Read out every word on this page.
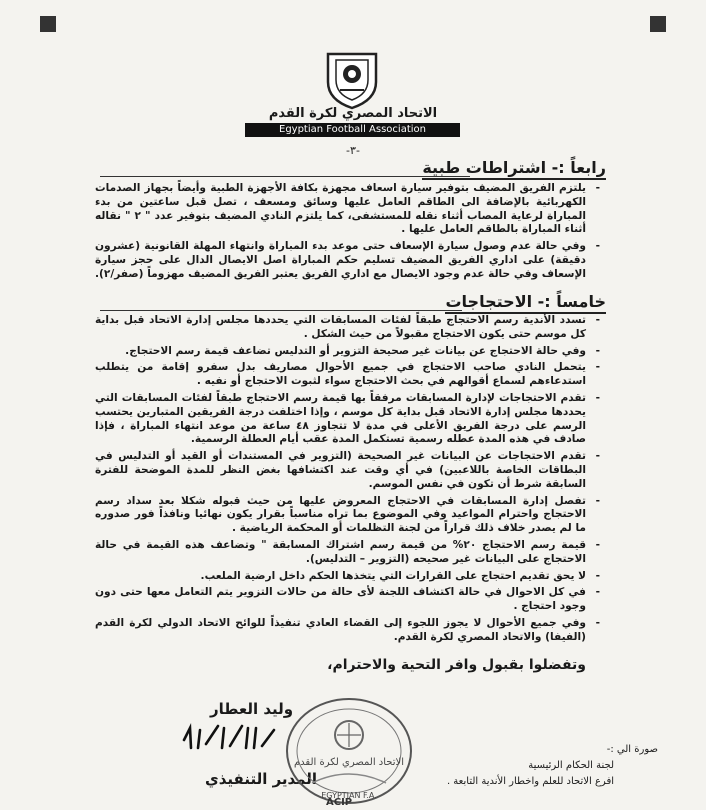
الاتحاد المصري لكرة القدم
Egyptian Football Association
-٣-
رابعاً :- اشتراطات طبية
- يلتزم الفريق المضيف بتوفير سيارة اسعاف مجهزة بكافة الأجهزة الطبية وأيضاً بجهاز الصدمات الكهربائية بالإضافة الى الطاقم العامل عليها وسائق ومسعف ، تصل قبل ساعتين من بدء المباراة لرعاية المصاب أثناء نقله للمستشفى، كما يلتزم النادي المضيف بتوفير عدد " ٢ " نقاله أثناء المباراة بالطاقم العامل عليها .
- وفي حالة عدم وصول سيارة الإسعاف حتى موعد بدء المباراة وانتهاء المهلة القانونية (عشرون دقيقة) على اداري الفريق المضيف تسليم حكم المباراة اصل الايصال الدال على حجز سيارة الإسعاف وفي حالة عدم وجود الايصال مع اداري الفريق يعتبر الفريق المضيف مهزوماً (صفر/٢).
خامساً :- الاحتجاجات
- تسدد الأندية رسم الاحتجاج طبقاً لفئات المسابقات التي يحددها مجلس إدارة الاتحاد قبل بداية كل موسم حتى يكون الاحتجاج مقبولاً من حيث الشكل .
- وفي حالة الاحتجاج عن بيانات غير صحيحة التزوير أو التدليس تضاعف قيمة رسم الاحتجاج.
- يتحمل النادي صاحب الاحتجاج في جميع الأحوال مصاريف بدل سفرو إقامة من يتطلب استدعاءهم لسماع أقوالهم في بحث الاحتجاج سواء لثبوت الاحتجاج أو نفيه .
- تقدم الاحتجاجات لإدارة المسابقات مرفقاً بها قيمة رسم الاحتجاج طبقاً لفئات المسابقات التي يحددها مجلس إدارة الاتحاد قبل بداية كل موسم ، وإذا اختلفت درجة الفريقين المتبارين يحتسب الرسم على درجة الفريق الأعلى في مدة لا تتجاوز ٤٨ ساعة من موعد انتهاء المباراة ، فإذا صادف في هذه المدة عطله رسمية تستكمل المدة عقب أيام العطلة الرسمية.
- تقدم الاحتجاجات عن البيانات غير الصحيحة (التزوير في المستندات أو القيد أو التدليس في البطاقات الخاصة باللاعبين) في أي وقت عند اكتشافها بغض النظر للمدة الموضحة للفترة السابقة شرط أن تكون في نفس الموسم.
- تفصل إدارة المسابقات في الاحتجاج المعروض عليها من حيث قبوله شكلا بعد سداد رسم الاحتجاج واحترام المواعيد وفي الموضوع بما تراه مناسباً بقرار يكون نهائيا ونافذاً فور صدوره ما لم يصدر خلاف ذلك قراراً من لجنة التظلمات أو المحكمة الرياضية .
- قيمة رسم الاحتجاج ٢٠% من قيمة رسم اشتراك المسابقة " وتضاعف هذه القيمة في حالة الاحتجاج على البيانات غير صحيحه (التزوير – التدليس).
- لا يحق تقديم احتجاج على القرارات التي يتخذها الحكم داخل ارضية الملعب.
- في كل الاحوال في حالة اكتشاف اللجنة لأى حالة من حالات التزوير يتم التعامل معها حتى دون وجود احتجاج .
- وفي جميع الأحوال لا يجوز اللجوء إلى القضاء العادي تنفيذاً للوائح الاتحاد الدولي لكرة القدم (الفيفا) والاتحاد المصري لكرة القدم.
وتفضلوا بقبول وافر التحية والاحترام،
وليد العطار
المدير التنفيذي
الاتحاد المصري لكرة القدم
EGYPTIAN F.A.
صورة الي :-
لجنة الحكام الرئيسية
افرع الاتحاد للعلم واخطار الأندية التابعة .
ACIP
